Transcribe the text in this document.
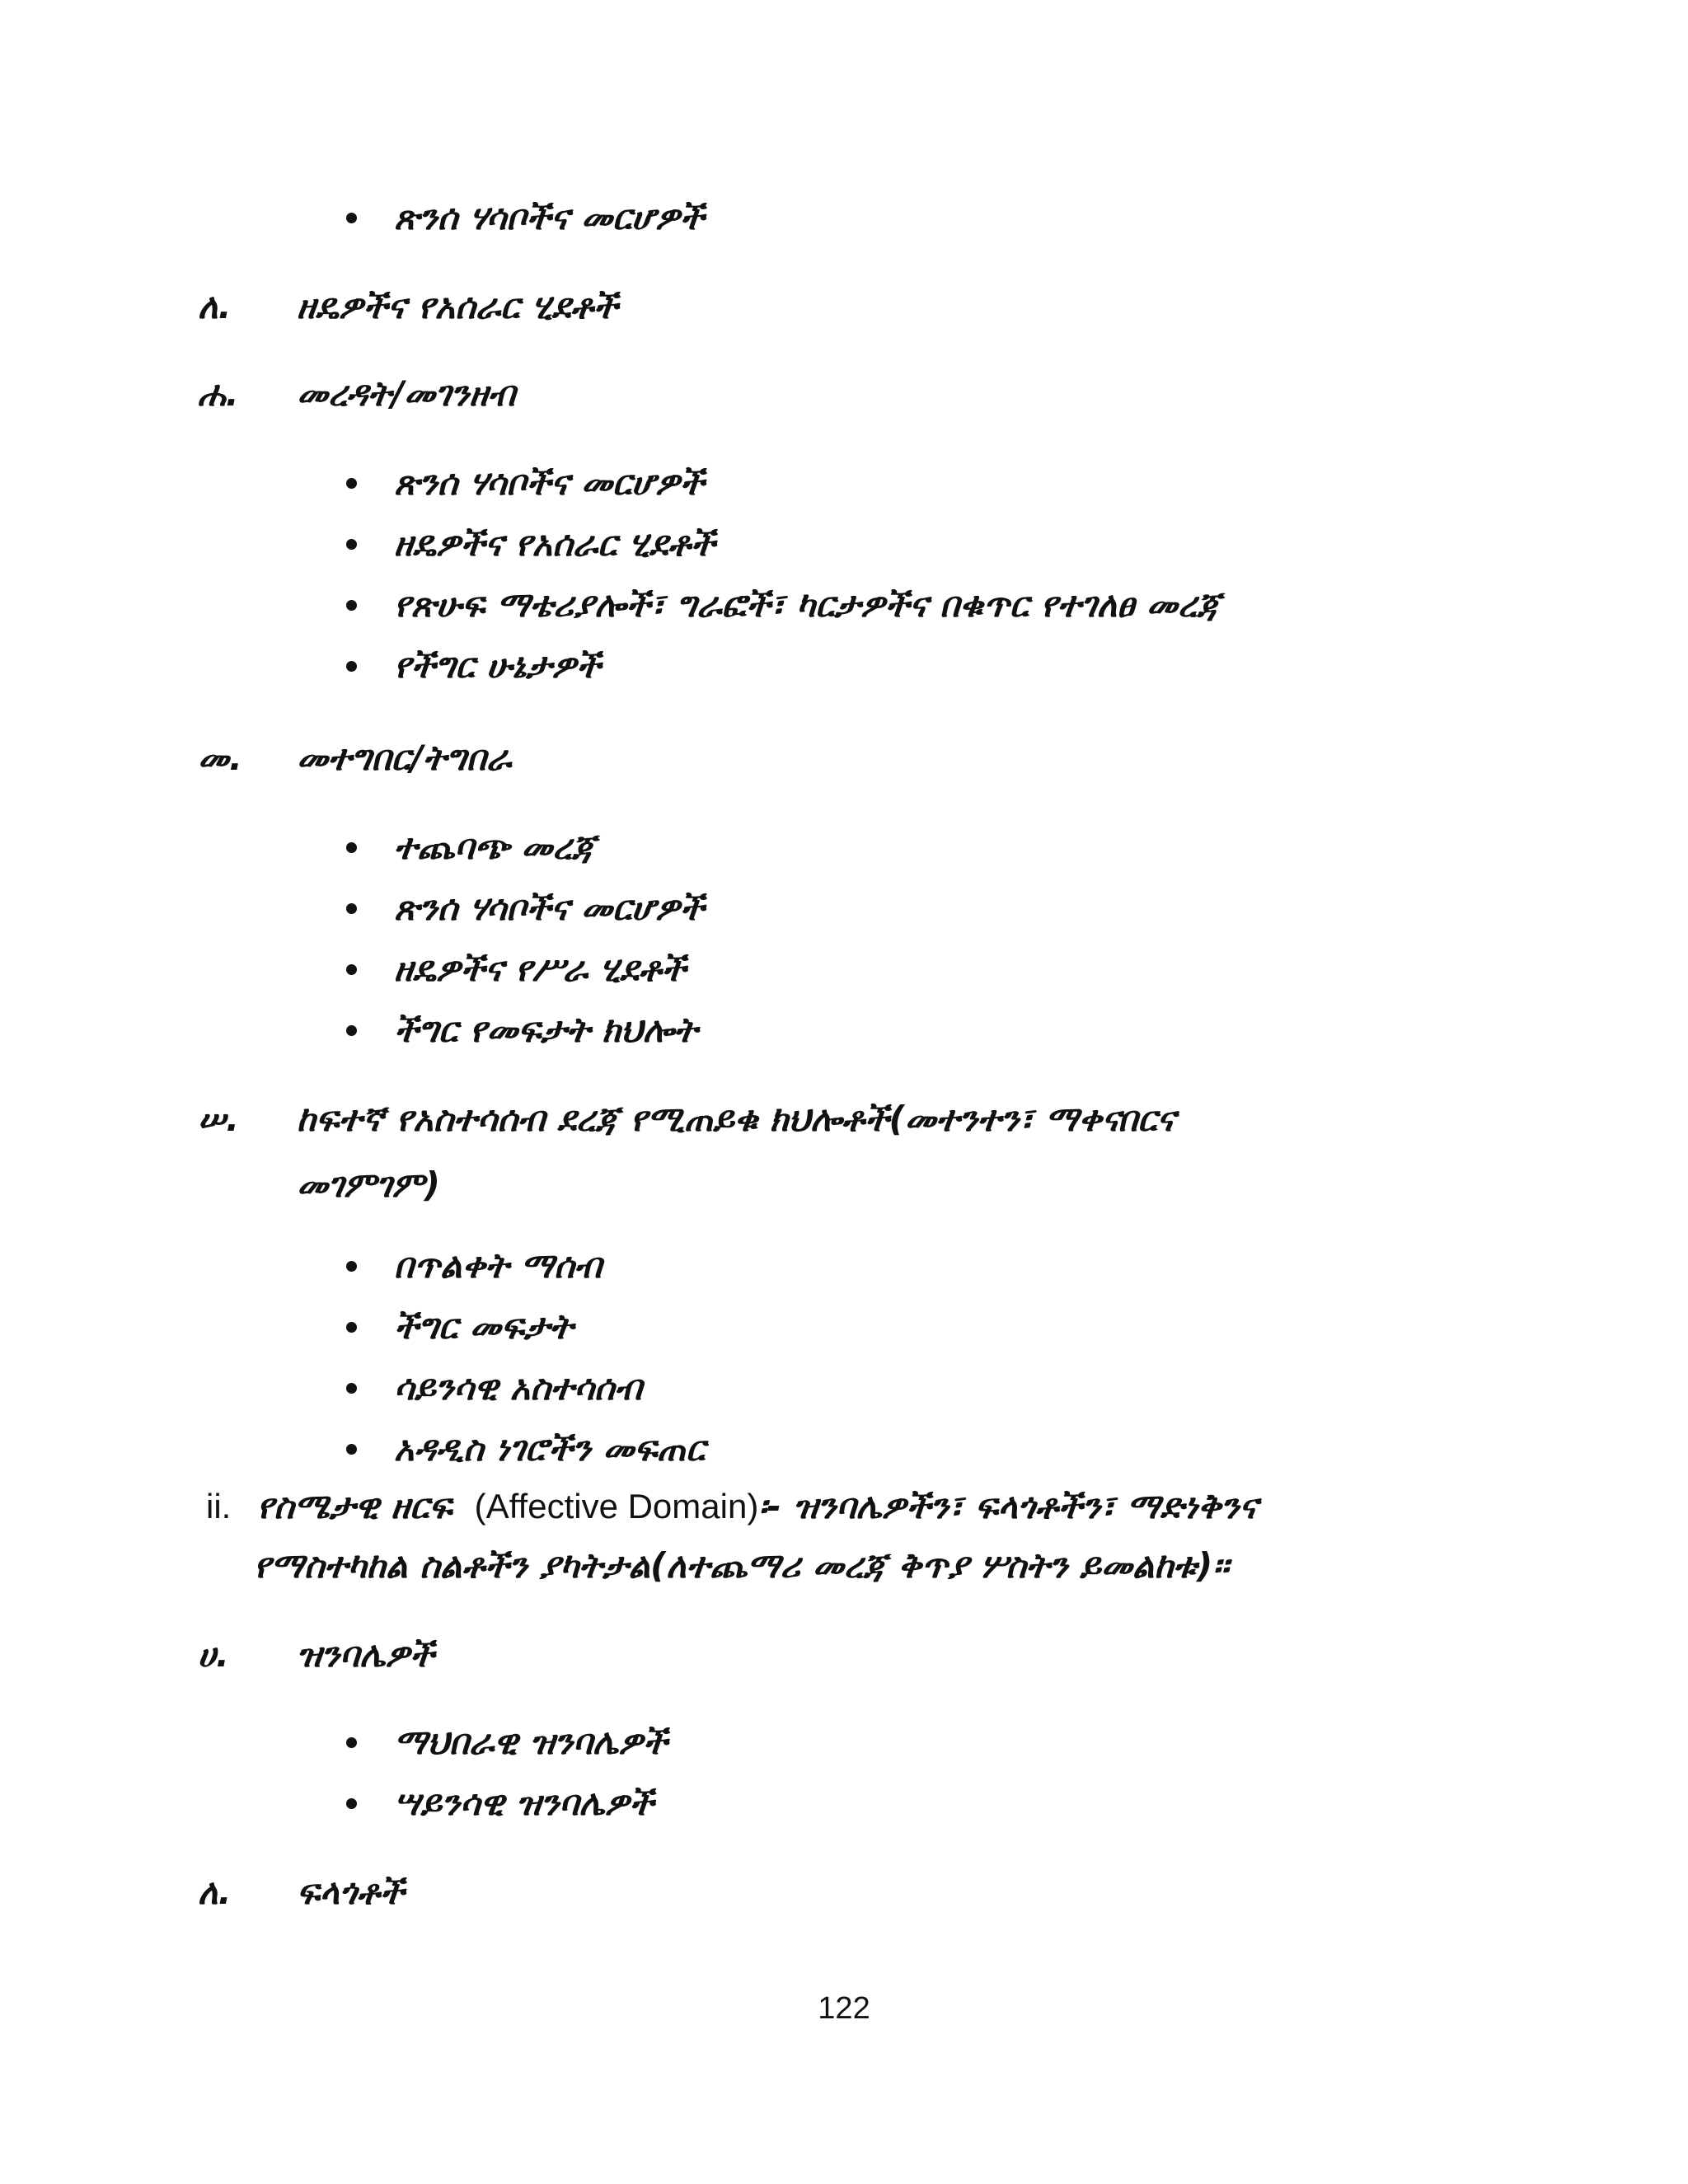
ጽንሰ ሃሳቦችና መርሆዎች
ለ. ዘዴዎችና የአሰራር ሂደቶች
ሐ. መረዳት/መገንዘብ
ጽንሰ ሃሳቦችና መርሆዎች
ዘዴዎችና የአሰራር ሂደቶች
የጽሁፍ ማቴሪያሎች፣ ግራፎች፣ ካርታዎችና በቁጥር የተገለፀ መረጃ
የችግር ሁኔታዎች
መ. መተግበር/ትግበራ
ተጨባጭ መረጃ
ጽንሰ ሃሳቦችና መርሆዎች
ዘዴዎችና የሥራ ሂደቶች
ችግር የመፍታት ክህሎት
ሠ. ከፍተኛ የአስተሳሰብ ደረጃ የሚጠይቁ ክህሎቶች(መተንተን፣ ማቀናበርና
መገምገም)
በጥልቀት ማሰብ
ችግር መፍታት
ሳይንሳዊ አስተሳሰብ
አዳዲስ ነገሮችን መፍጠር
ii. የስሜታዊ ዘርፍ (Affective Domain)፡- ዝንባሌዎችን፣ ፍላጎቶችን፣ ማድነቅንና
የማስተካከል ስልቶችን ያካትታል(ለተጨማሪ መረጃ ቅጥያ ሦስትን ይመልከቱ)፡፡
ሀ. ዝንባሌዎች
ማህበራዊ ዝንባሌዎች
ሣይንሳዊ ዝንባሌዎች
ለ. ፍላጎቶች
122
